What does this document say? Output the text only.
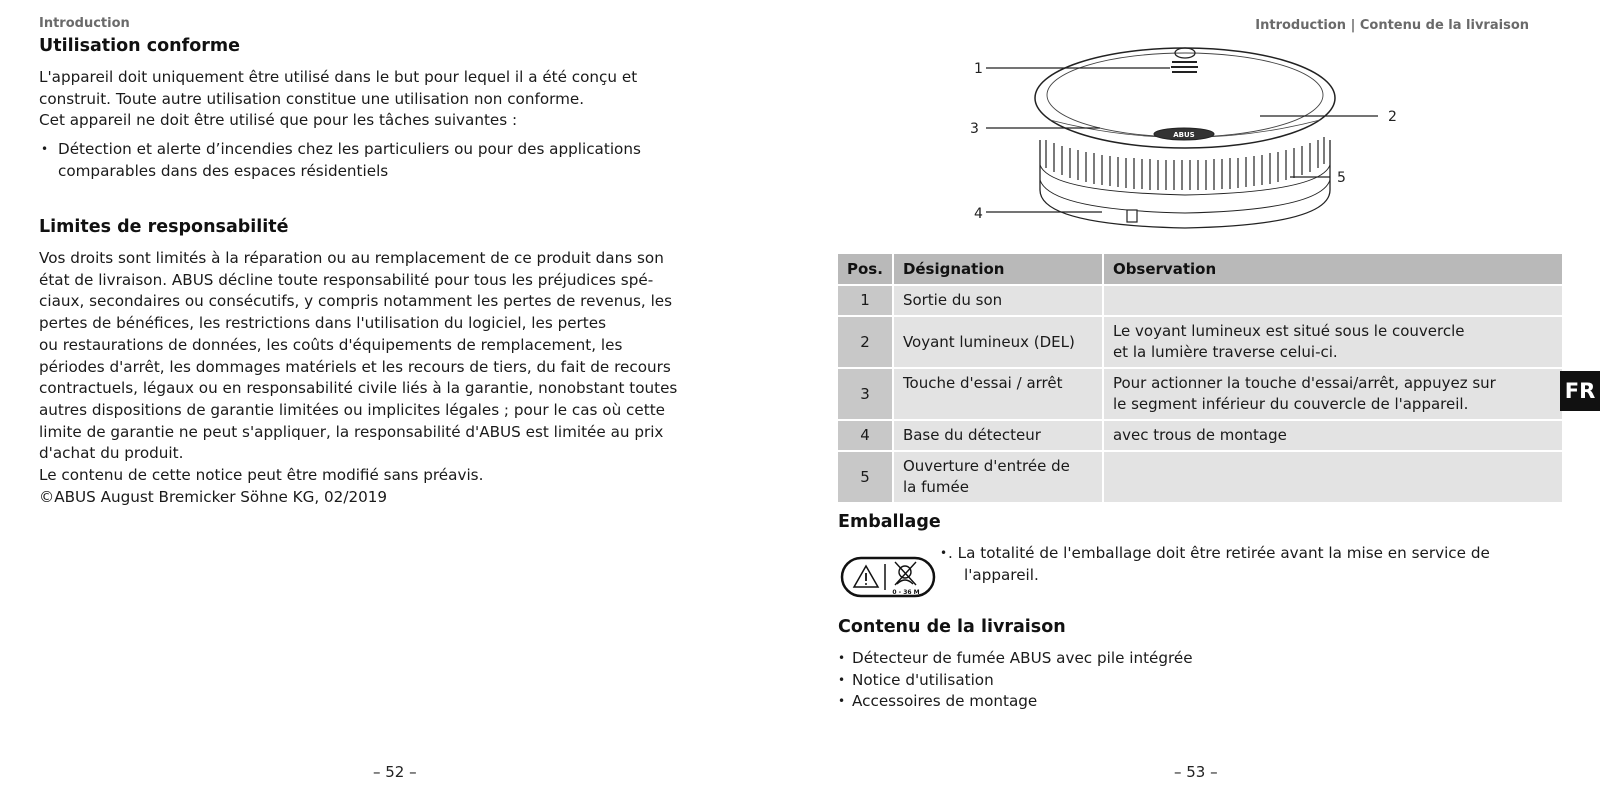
Introduction
Utilisation conforme
L'appareil doit uniquement être utilisé dans le but pour lequel il a été conçu et
construit. Toute autre utilisation constitue une utilisation non conforme.
Cet appareil ne doit être utilisé que pour les tâches suivantes :
• Détection et alerte d’incendies chez les particuliers ou pour des applications
comparables dans des espaces résidentiels
Limites de responsabilité
Vos droits sont limités à la réparation ou au remplacement de ce produit dans son
état de livraison. ABUS décline toute responsabilité pour tous les préjudices spé-
ciaux, secondaires ou consécutifs, y compris notamment les pertes de revenus, les
pertes de bénéfices, les restrictions dans l'utilisation du logiciel, les pertes
ou restaurations de données, les coûts d'équipements de remplacement, les
périodes d'arrêt, les dommages matériels et les recours de tiers, du fait de recours
contractuels, légaux ou en responsabilité civile liés à la garantie, nonobstant toutes
autres dispositions de garantie limitées ou implicites légales ; pour le cas où cette
limite de garantie ne peut s'appliquer, la responsabilité d'ABUS est limitée au prix
d'achat du produit.
Le contenu de cette notice peut être modifié sans préavis.
©ABUS August Bremicker Söhne KG, 02/2019
– 52 –
Introduction | Contenu de la livraison
ABUS
1
2
3
4
5
Pos.	Désignation	Observation
1	Sortie du son	

2	Voyant lumineux (DEL)	Le voyant lumineux est situé sous le couvercle
et la lumière traverse celui-ci.

3	Touche d'essai / arrêt	Pour actionner la touche d'essai/arrêt, appuyez sur
le segment inférieur du couvercle de l'appareil.

4	Base du détecteur	avec trous de montage

5	Ouverture d'entrée de
la fumée	

Emballage
0 - 36 M
• . La totalité de l'emballage doit être retirée avant la mise en service de
l'appareil.
Contenu de la livraison
• Détecteur de fumée ABUS avec pile intégrée
• Notice d'utilisation
• Accessoires de montage
FR
– 53 –
